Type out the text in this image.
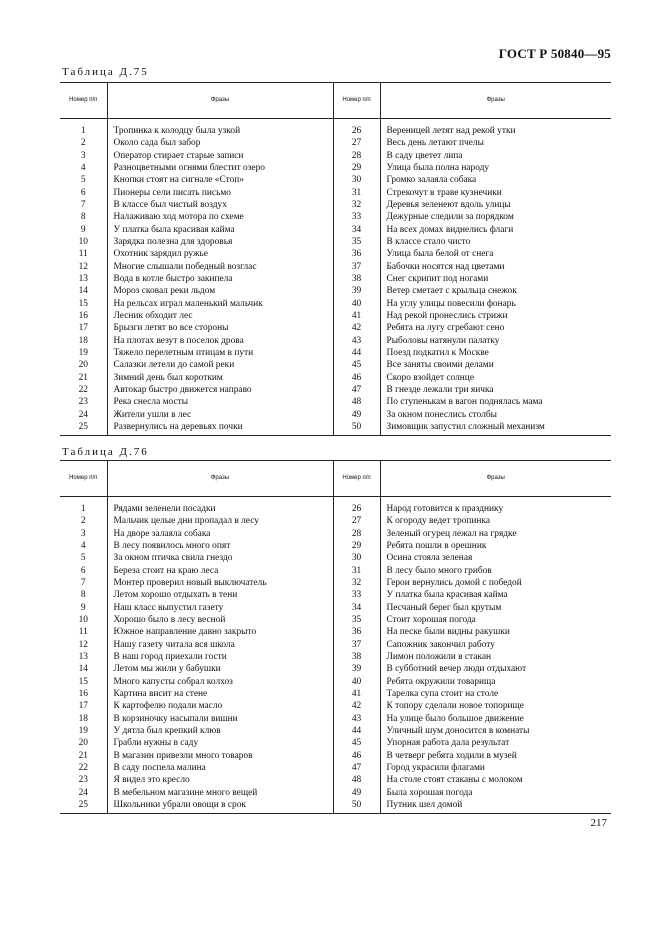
ГОСТ Р 50840—95
Таблица Д.75
Номер п/п	Фразы	Номер п/п	Фразы
1	Тропинка к колодцу была узкой	26	Вереницей летят над рекой утки
2	Около сада был забор	27	Весь день летают пчелы
3	Оператор стирает старые записи	28	В саду цветет липа
4	Разноцветными огнями блестит озеро	29	Улица была полна народу
5	Кнопки стоят на сигнале «Стоп»	30	Громко залаяла собака
6	Пионеры сели писать письмо	31	Стрекочут в траве кузнечики
7	В классе был чистый воздух	32	Деревья зеленеют вдоль улицы
8	Налаживаю ход мотора по схеме	33	Дежурные следили за порядком
9	У платка была красивая кайма	34	На всех домах виднелись флаги
10	Зарядка полезна для здоровья	35	В классе стало чисто
11	Охотник зарядил ружье	36	Улица была белой от снега
12	Многие слышали победный возглас	37	Бабочки носятся над цветами
13	Вода в котле быстро закипела	38	Снег скрипит под ногами
14	Мороз сковал реки льдом	39	Ветер сметает с крыльца снежок
15	На рельсах играл маленький мальчик	40	На углу улицы повесили фонарь
16	Лесник обходит лес	41	Над рекой пронеслись стрижи
17	Брызги летят во все стороны	42	Ребята на лугу сгребают сено
18	На плотах везут в поселок дрова	43	Рыболовы натянули палатку
19	Тяжело перелетным птицам в пути	44	Поезд подкатил к Москве
20	Салазки летели до самой реки	45	Все заняты своими делами
21	Зимний день был коротким	46	Скоро взойдет солнце
22	Автокар быстро движется направо	47	В гнезде лежали три яичка
23	Река снесла мосты	48	По ступенькам в вагон поднялась мама
24	Жители ушли в лес	49	За окном понеслись столбы
25	Развернулись на деревьях почки	50	Зимовщик запустил сложный механизм
Таблица Д.76
Номер п/п	Фразы	Номер п/п	Фразы
1	Рядами зеленели посадки	26	Народ готовится к празднику
2	Мальчик целые дни пропадал в лесу	27	К огороду ведет тропинка
3	На дворе залаяла собака	28	Зеленый огурец лежал на грядке
4	В лесу появилось много опят	29	Ребята пошли в орешник
5	За окном птичка свила гнездо	30	Осина стояла зеленая
6	Береза стоит на краю леса	31	В лесу было много грибов
7	Монтер проверил новый выключатель	32	Герои вернулись домой с победой
8	Летом хорошо отдыхать в тени	33	У платка была красивая кайма
9	Наш класс выпустил газету	34	Песчаный берег был крутым
10	Хорошо было в лесу весной	35	Стоит хорошая погода
11	Южное направление давно закрыто	36	На песке были видны ракушки
12	Нашу газету читала вся школа	37	Сапожник закончил работу
13	В наш город приехали гости	38	Лимон положили в стакан
14	Летом мы жили у бабушки	39	В субботний вечер люди отдыхают
15	Много капусты собрал колхоз	40	Ребята окружили товарища
16	Картина висит на стене	41	Тарелка супа стоит на столе
17	К картофелю подали масло	42	К топору сделали новое топорище
18	В корзиночку насыпали вишни	43	На улице было большое движение
19	У дятла был крепкий клюв	44	Уличный шум доносится в комнаты
20	Грабли нужны в саду	45	Упорная работа дала результат
21	В магазин привезли много товаров	46	В четверг ребята ходили в музей
22	В саду поспела малина	47	Город украсили флагами
23	Я видел это кресло	48	На столе стоят стаканы с молоком
24	В мебельном магазине много вещей	49	Была хорошая погода
25	Школьники убрали овощи в срок	50	Путник шел домой
217
